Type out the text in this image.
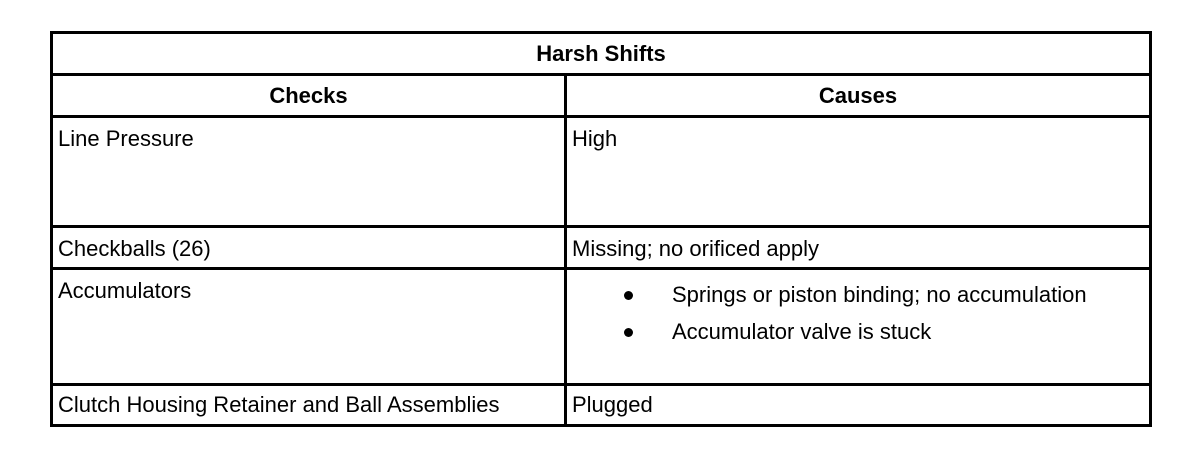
Harsh Shifts
Checks	Causes
Line Pressure	High
Checkballs (26)	Missing; no orificed apply
Accumulators	Springs or piston binding; no accumulation
Accumulator valve is stuck
Clutch Housing Retainer and Ball Assemblies	Plugged
